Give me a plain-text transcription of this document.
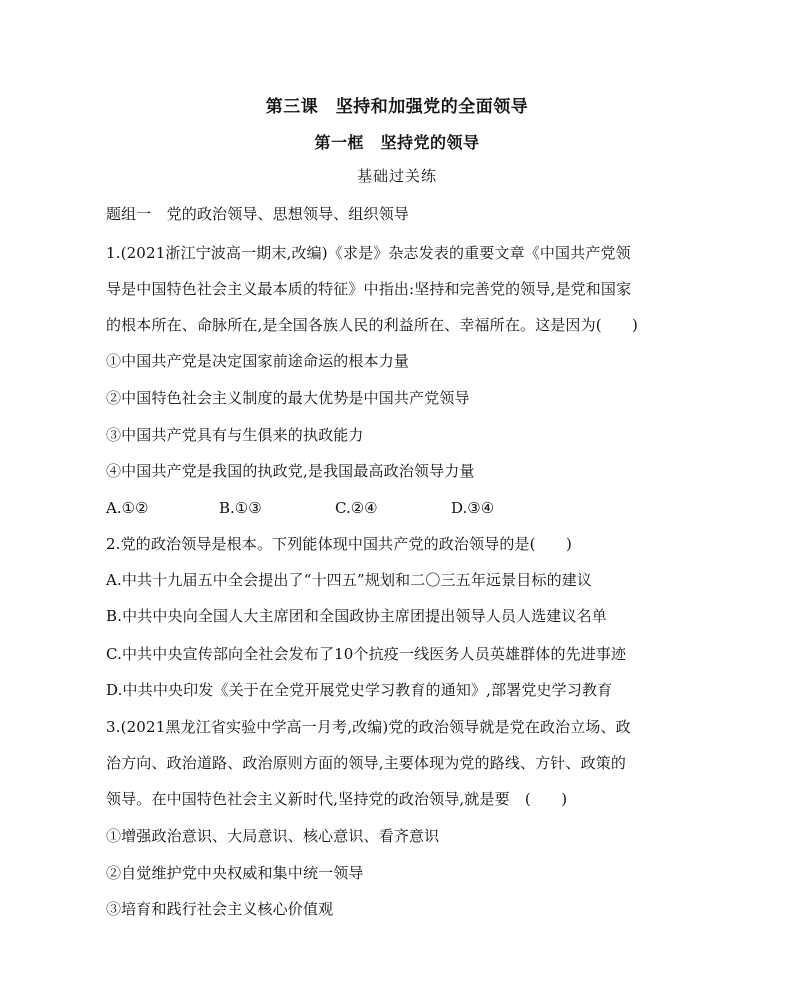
第三课　坚持和加强党的全面领导
第一框　坚持党的领导
基础过关练
题组一　党的政治领导、思想领导、组织领导
1.(2021浙江宁波高一期末,改编)《求是》杂志发表的重要文章《中国共产党领
导是中国特色社会主义最本质的特征》中指出:坚持和完善党的领导,是党和国家
的根本所在、命脉所在,是全国各族人民的利益所在、幸福所在。这是因为(　　)
①中国共产党是决定国家前途命运的根本力量
②中国特色社会主义制度的最大优势是中国共产党领导
③中国共产党具有与生俱来的执政能力
④中国共产党是我国的执政党,是我国最高政治领导力量
A.①②	B.①③	C.②④	D.③④
2.党的政治领导是根本。下列能体现中国共产党的政治领导的是(　　)
A.中共十九届五中全会提出了“十四五”规划和二〇三五年远景目标的建议
B.中共中央向全国人大主席团和全国政协主席团提出领导人员人选建议名单
C.中共中央宣传部向全社会发布了10个抗疫一线医务人员英雄群体的先进事迹
D.中共中央印发《关于在全党开展党史学习教育的通知》,部署党史学习教育
3.(2021黑龙江省实验中学高一月考,改编)党的政治领导就是党在政治立场、政
治方向、政治道路、政治原则方面的领导,主要体现为党的路线、方针、政策的
领导。在中国特色社会主义新时代,坚持党的政治领导,就是要　(　　)
①增强政治意识、大局意识、核心意识、看齐意识
②自觉维护党中央权威和集中统一领导
③培育和践行社会主义核心价值观
